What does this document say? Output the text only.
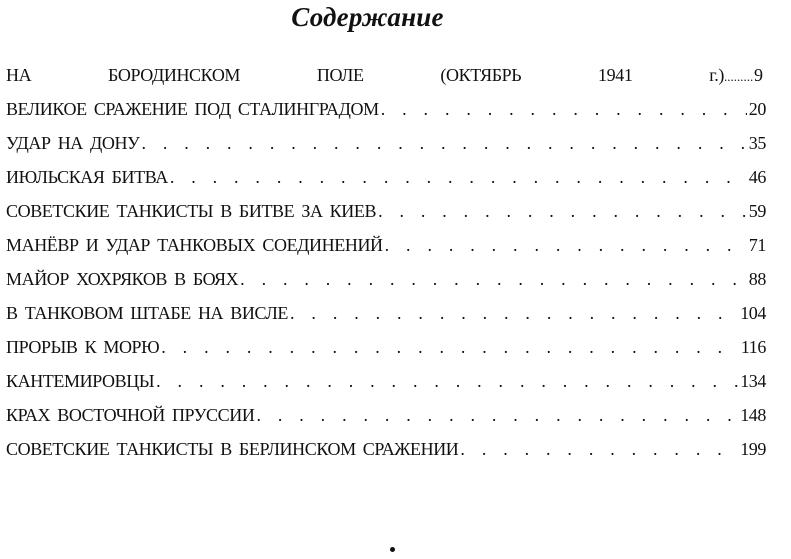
Содержание
НА	БОРОДИНСКОМ	ПОЛЕ	(ОКТЯБРЬ	1941	г.) ..... 9
ВЕЛИКОЕ СРАЖЕНИЕ ПОД СТАЛИНГРАДОМ . . .	20
УДАР НА ДОНУ . . .	35
ИЮЛЬСКАЯ БИТВА . . .	46
СОВЕТСКИЕ ТАНКИСТЫ В БИТВЕ ЗА КИЕВ . . .	59
МАНЁВР И УДАР ТАНКОВЫХ СОЕДИНЕНИЙ . . .	71
МАЙОР ХОХРЯКОВ В БОЯХ . . .	88
В ТАНКОВОМ ШТАБЕ НА ВИСЛЕ . . .	104
ПРОРЫВ К МОРЮ . . .	116
КАНТЕМИРОВЦЫ . . .	134
КРАХ ВОСТОЧНОЙ ПРУССИИ . . .	148
СОВЕТСКИЕ ТАНКИСТЫ В БЕРЛИНСКОМ СРАЖЕНИИ . . .	199
